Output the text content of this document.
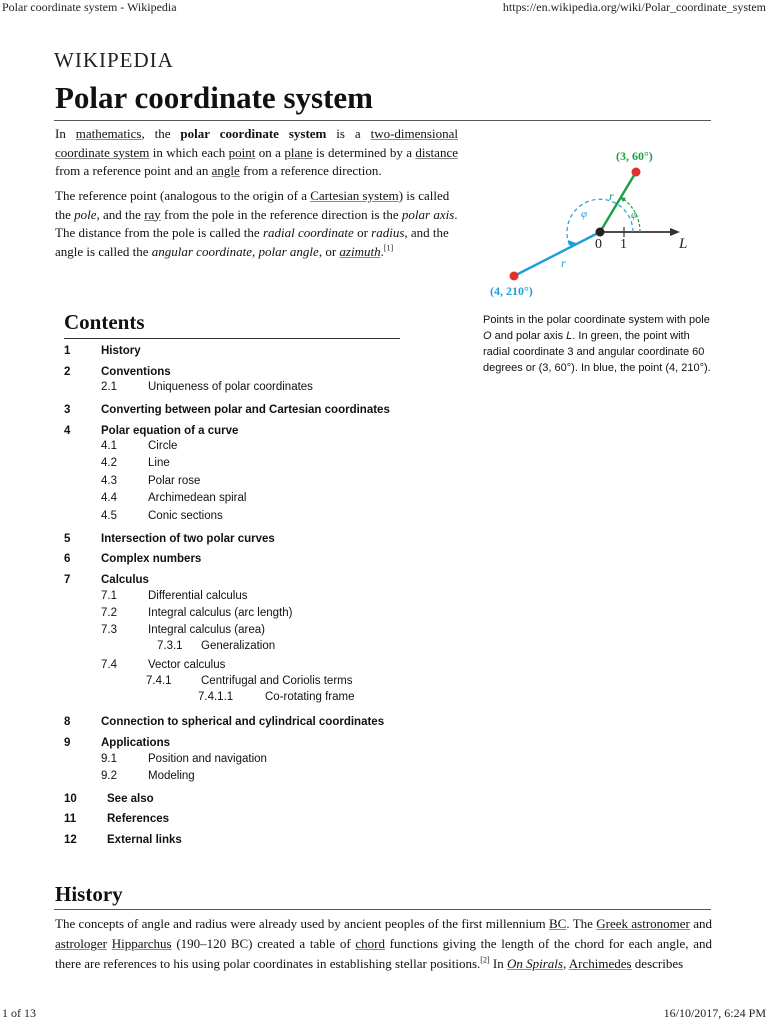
Polar coordinate system - Wikipedia	https://en.wikipedia.org/wiki/Polar_coordinate_system
1 of 13	16/10/2017, 6:24 PM
WIKIPEDIA
Polar coordinate system
In mathematics, the polar coordinate system is a two-dimensional coordinate system in which each point on a plane is determined by a distance from a reference point and an angle from a reference direction.
The reference point (analogous to the origin of a Cartesian system) is called the pole, and the ray from the pole in the reference direction is the polar axis. The distance from the pole is called the radial coordinate or radius, and the angle is called the angular coordinate, polar angle, or azimuth.[1]
(3, 60°)
(4, 210°)
r
r
φ
φ
0 1	L
Points in the polar coordinate system with pole O and polar axis L. In green, the point with radial coordinate 3 and angular coordinate 60 degrees or (3, 60°). In blue, the point (4, 210°).
Contents
1	History
2	Conventions
2.1	Uniqueness of polar coordinates
3	Converting between polar and Cartesian coordinates
4	Polar equation of a curve
4.1	Circle
4.2	Line
4.3	Polar rose
4.4	Archimedean spiral
4.5	Conic sections
5	Intersection of two polar curves
6	Complex numbers
7	Calculus
7.1	Differential calculus
7.2	Integral calculus (arc length)
7.3	Integral calculus (area)
7.3.1 Generalization
7.4	Vector calculus
7.4.1	Centrifugal and Coriolis terms
7.4.1.1	Co-rotating frame
8	Connection to spherical and cylindrical coordinates
9	Applications
9.1	Position and navigation
9.2	Modeling
10	See also
11	References
12	External links
History
The concepts of angle and radius were already used by ancient peoples of the first millennium BC. The Greek astronomer and astrologer Hipparchus (190–120 BC) created a table of chord functions giving the length of the chord for each angle, and there are references to his using polar coordinates in establishing stellar positions.[2] In On Spirals, Archimedes describes
